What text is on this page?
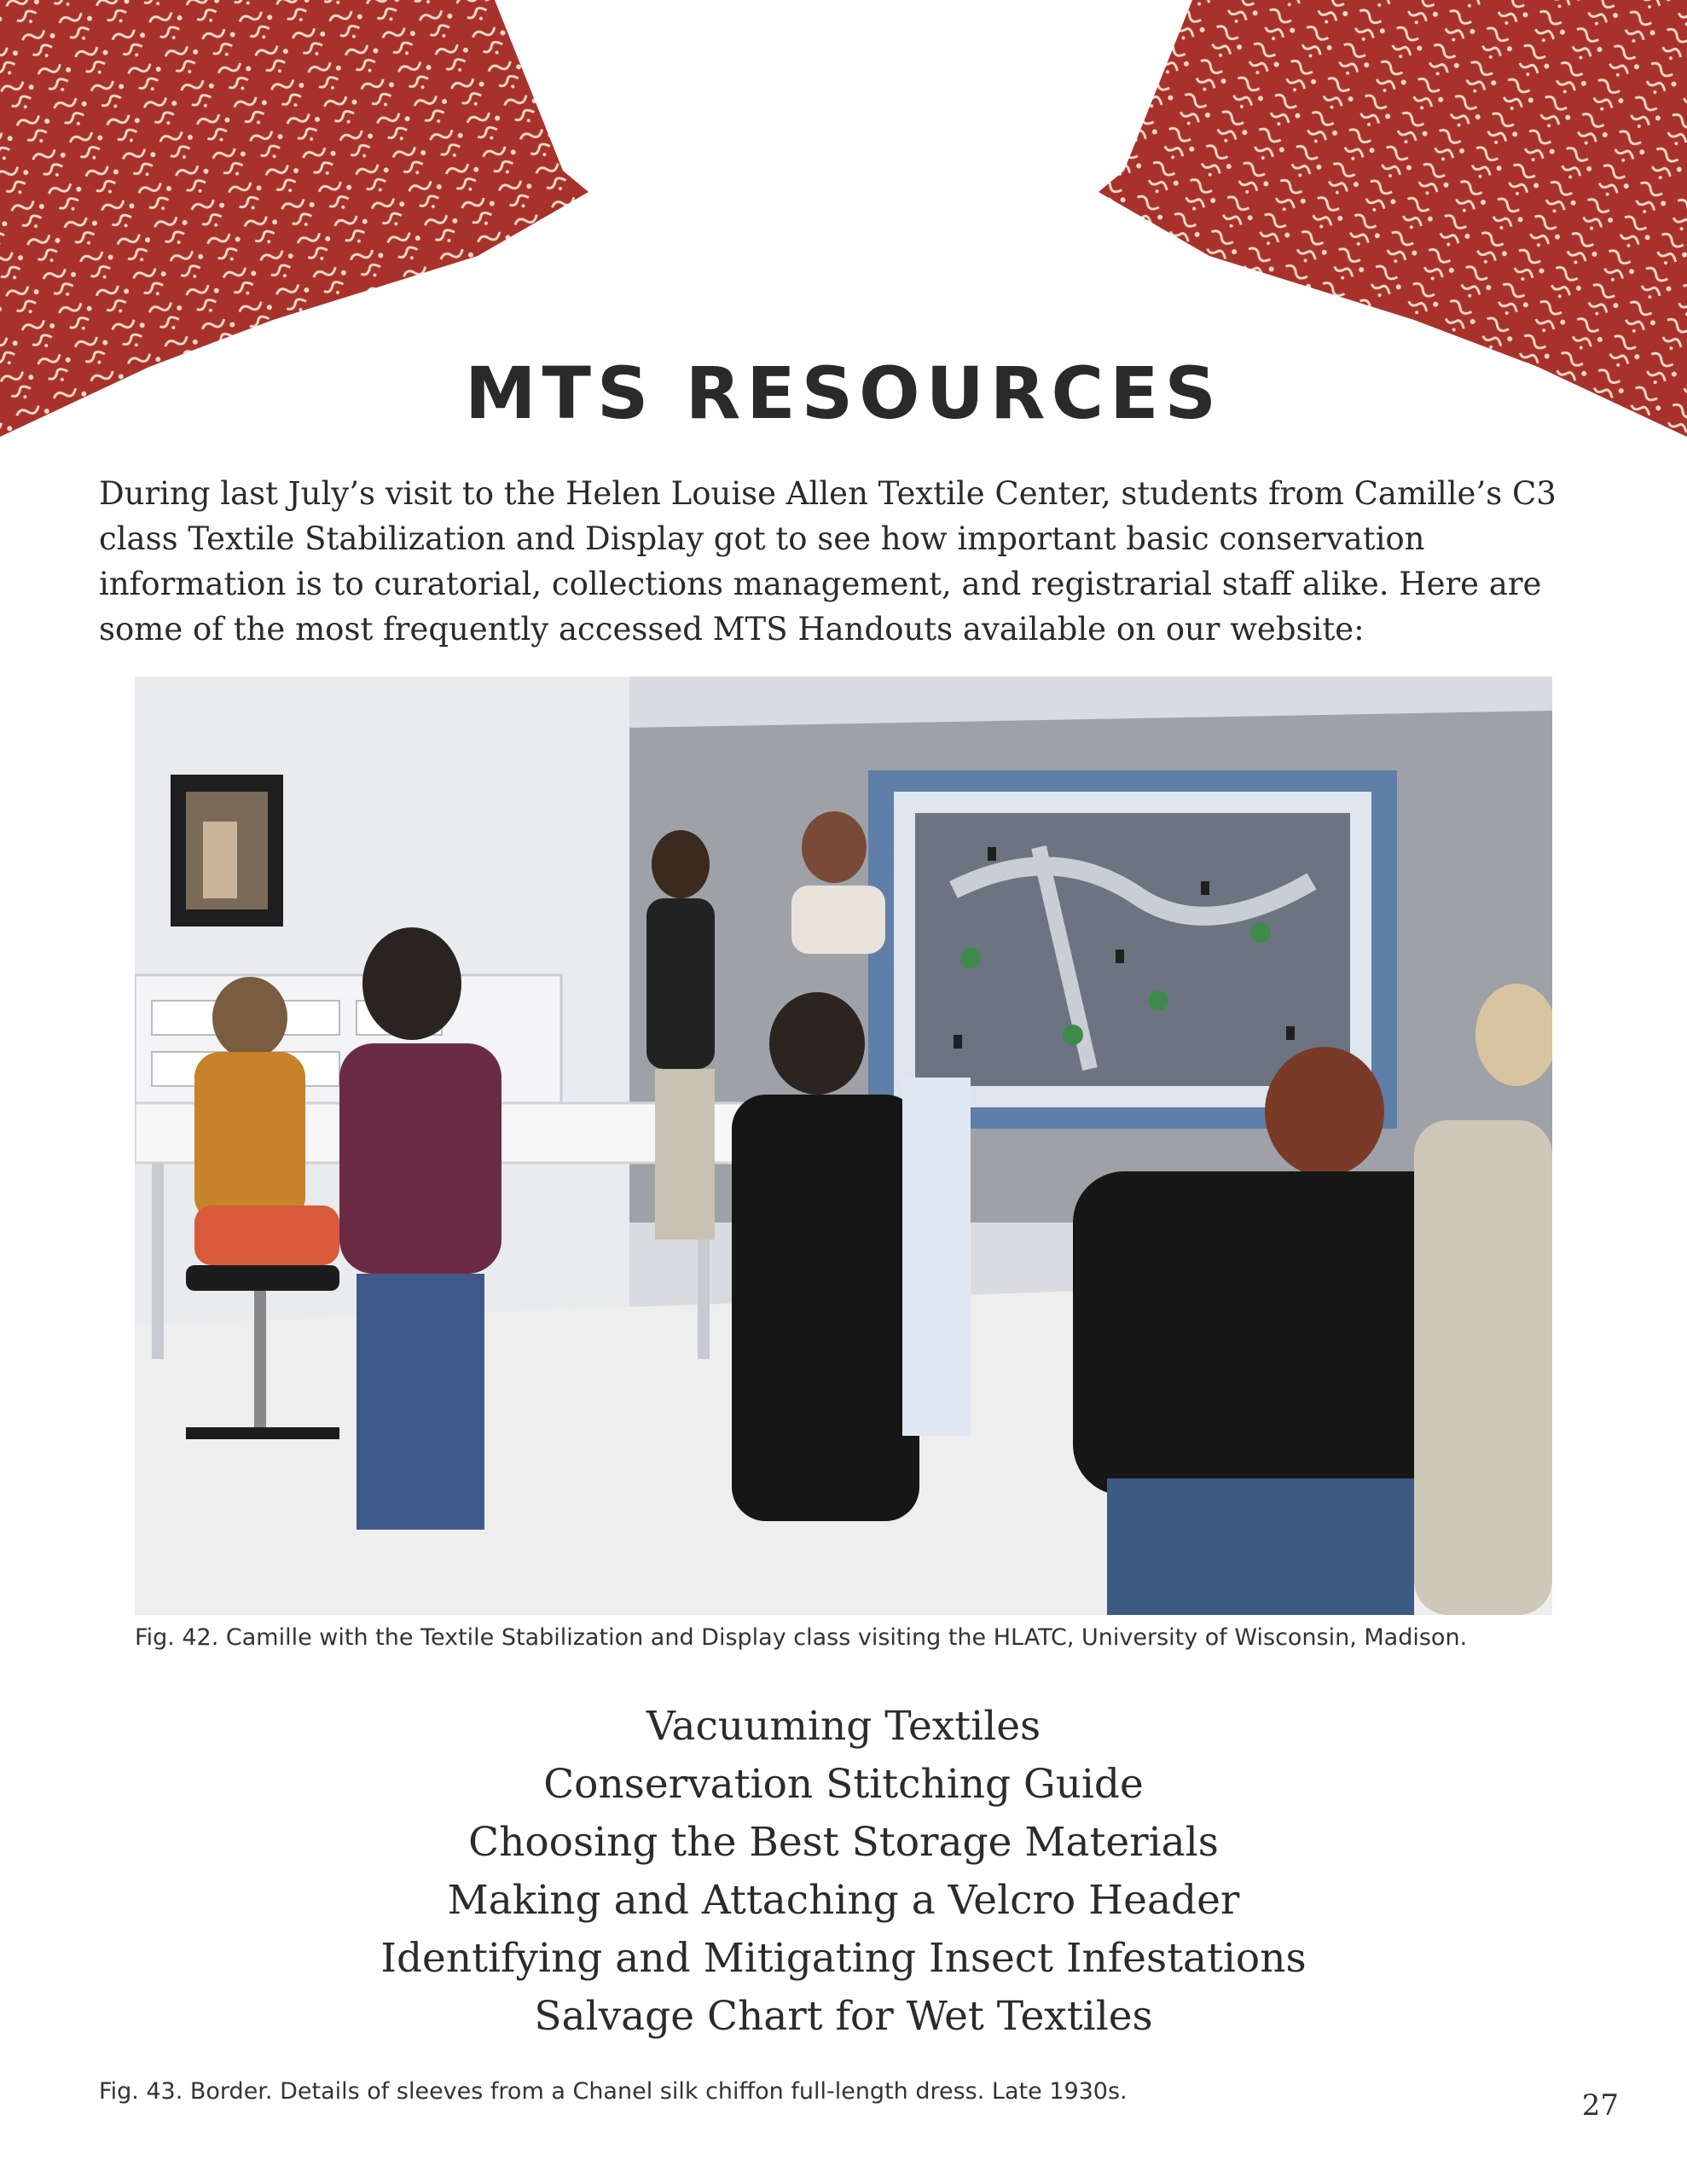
MTS RESOURCES

During last July’s visit to the Helen Louise Allen Textile Center, students from Camille’s C3 class Textile Stabilization and Display got to see how important basic conservation information is to curatorial, collections management, and registrarial staff alike. Here are some of the most frequently accessed MTS Handouts available on our website:

Fig. 42. Camille with the Textile Stabilization and Display class visiting the HLATC, University of Wisconsin, Madison.

Vacuuming Textiles
Conservation Stitching Guide
Choosing the Best Storage Materials
Making and Attaching a Velcro Header
Identifying and Mitigating Insect Infestations
Salvage Chart for Wet Textiles

Fig. 43. Border. Details of sleeves from a Chanel silk chiffon full-length dress. Late 1930s.	27
